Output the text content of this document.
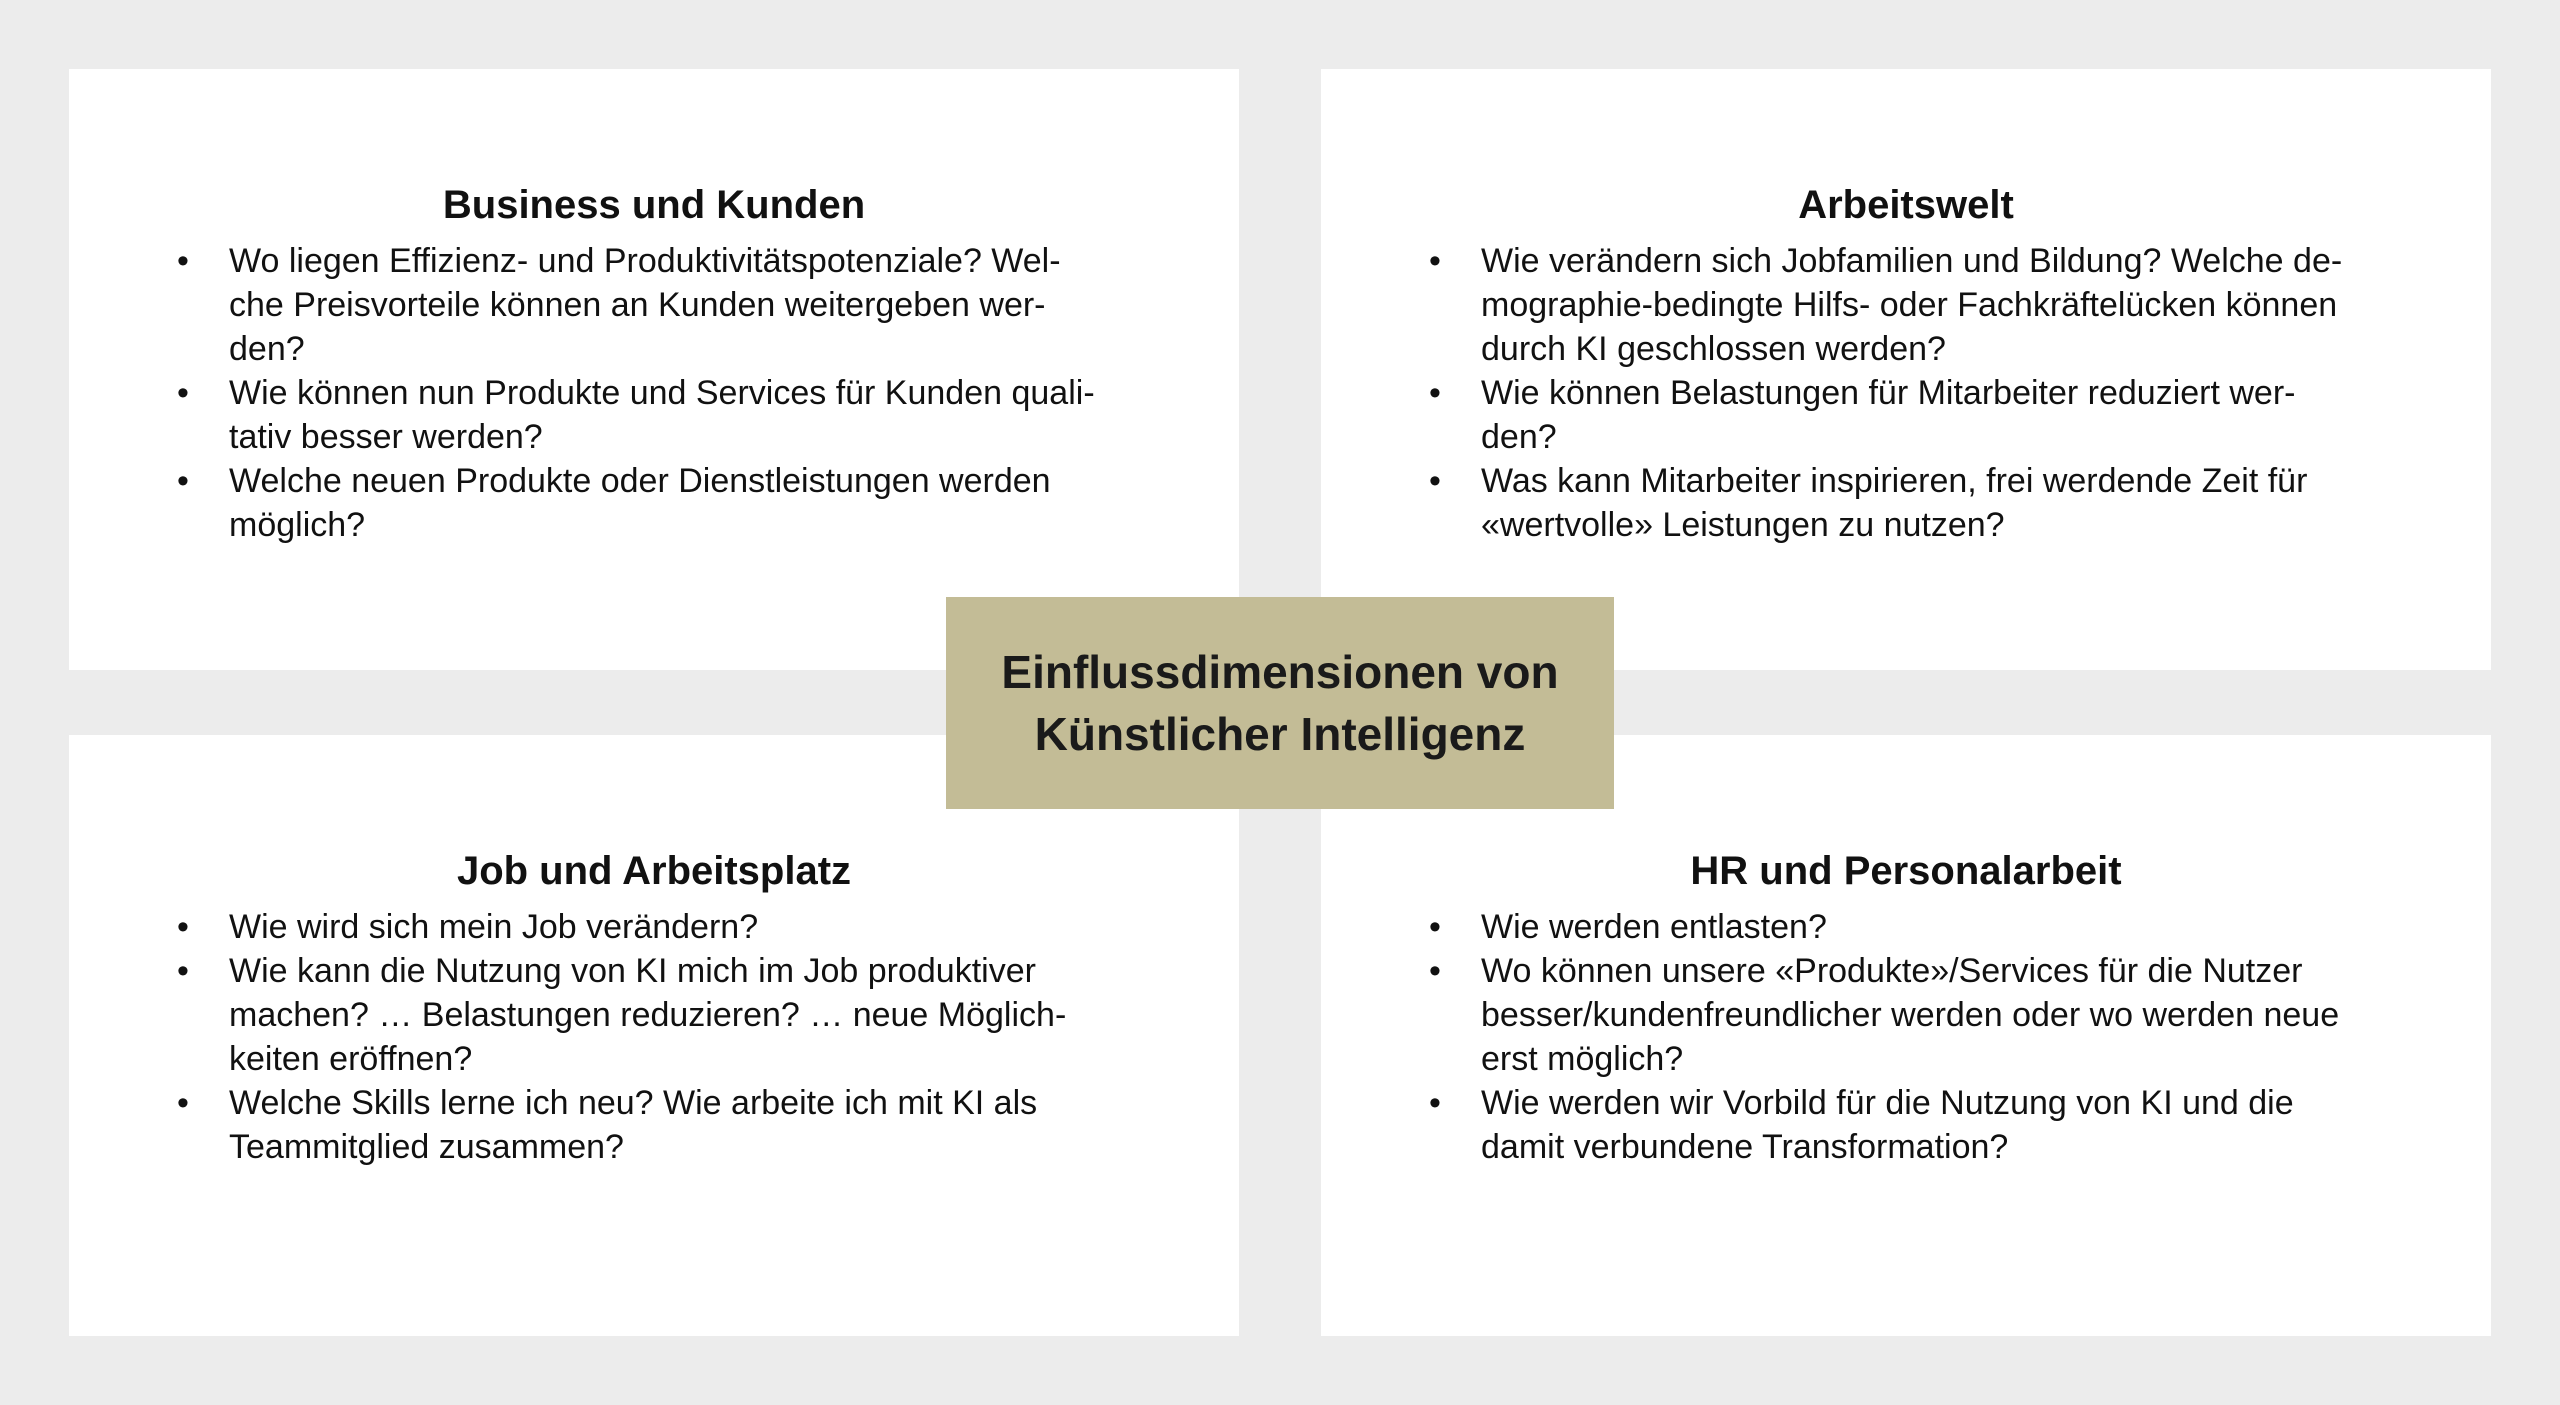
Business und Kunden
• Wo liegen Effizienz- und Produktivitätspotenziale? Wel-
che Preisvorteile können an Kunden weitergeben wer-
den?
• Wie können nun Produkte und Services für Kunden quali-
tativ besser werden?
• Welche neuen Produkte oder Dienstleistungen werden
möglich?
Arbeitswelt
• Wie verändern sich Jobfamilien und Bildung? Welche de-
mographie-bedingte Hilfs- oder Fachkräftelücken können
durch KI geschlossen werden?
• Wie können Belastungen für Mitarbeiter reduziert wer-
den?
• Was kann Mitarbeiter inspirieren, frei werdende Zeit für
«wertvolle» Leistungen zu nutzen?
Job und Arbeitsplatz
• Wie wird sich mein Job verändern?
• Wie kann die Nutzung von KI mich im Job produktiver
machen? … Belastungen reduzieren? … neue Möglich-
keiten eröffnen?
• Welche Skills lerne ich neu? Wie arbeite ich mit KI als
Teammitglied zusammen?
HR und Personalarbeit
• Wie werden entlasten?
• Wo können unsere «Produkte»/Services für die Nutzer
besser/kundenfreundlicher werden oder wo werden neue
erst möglich?
• Wie werden wir Vorbild für die Nutzung von KI und die
damit verbundene Transformation?
Einflussdimensionen von
Künstlicher Intelligenz
